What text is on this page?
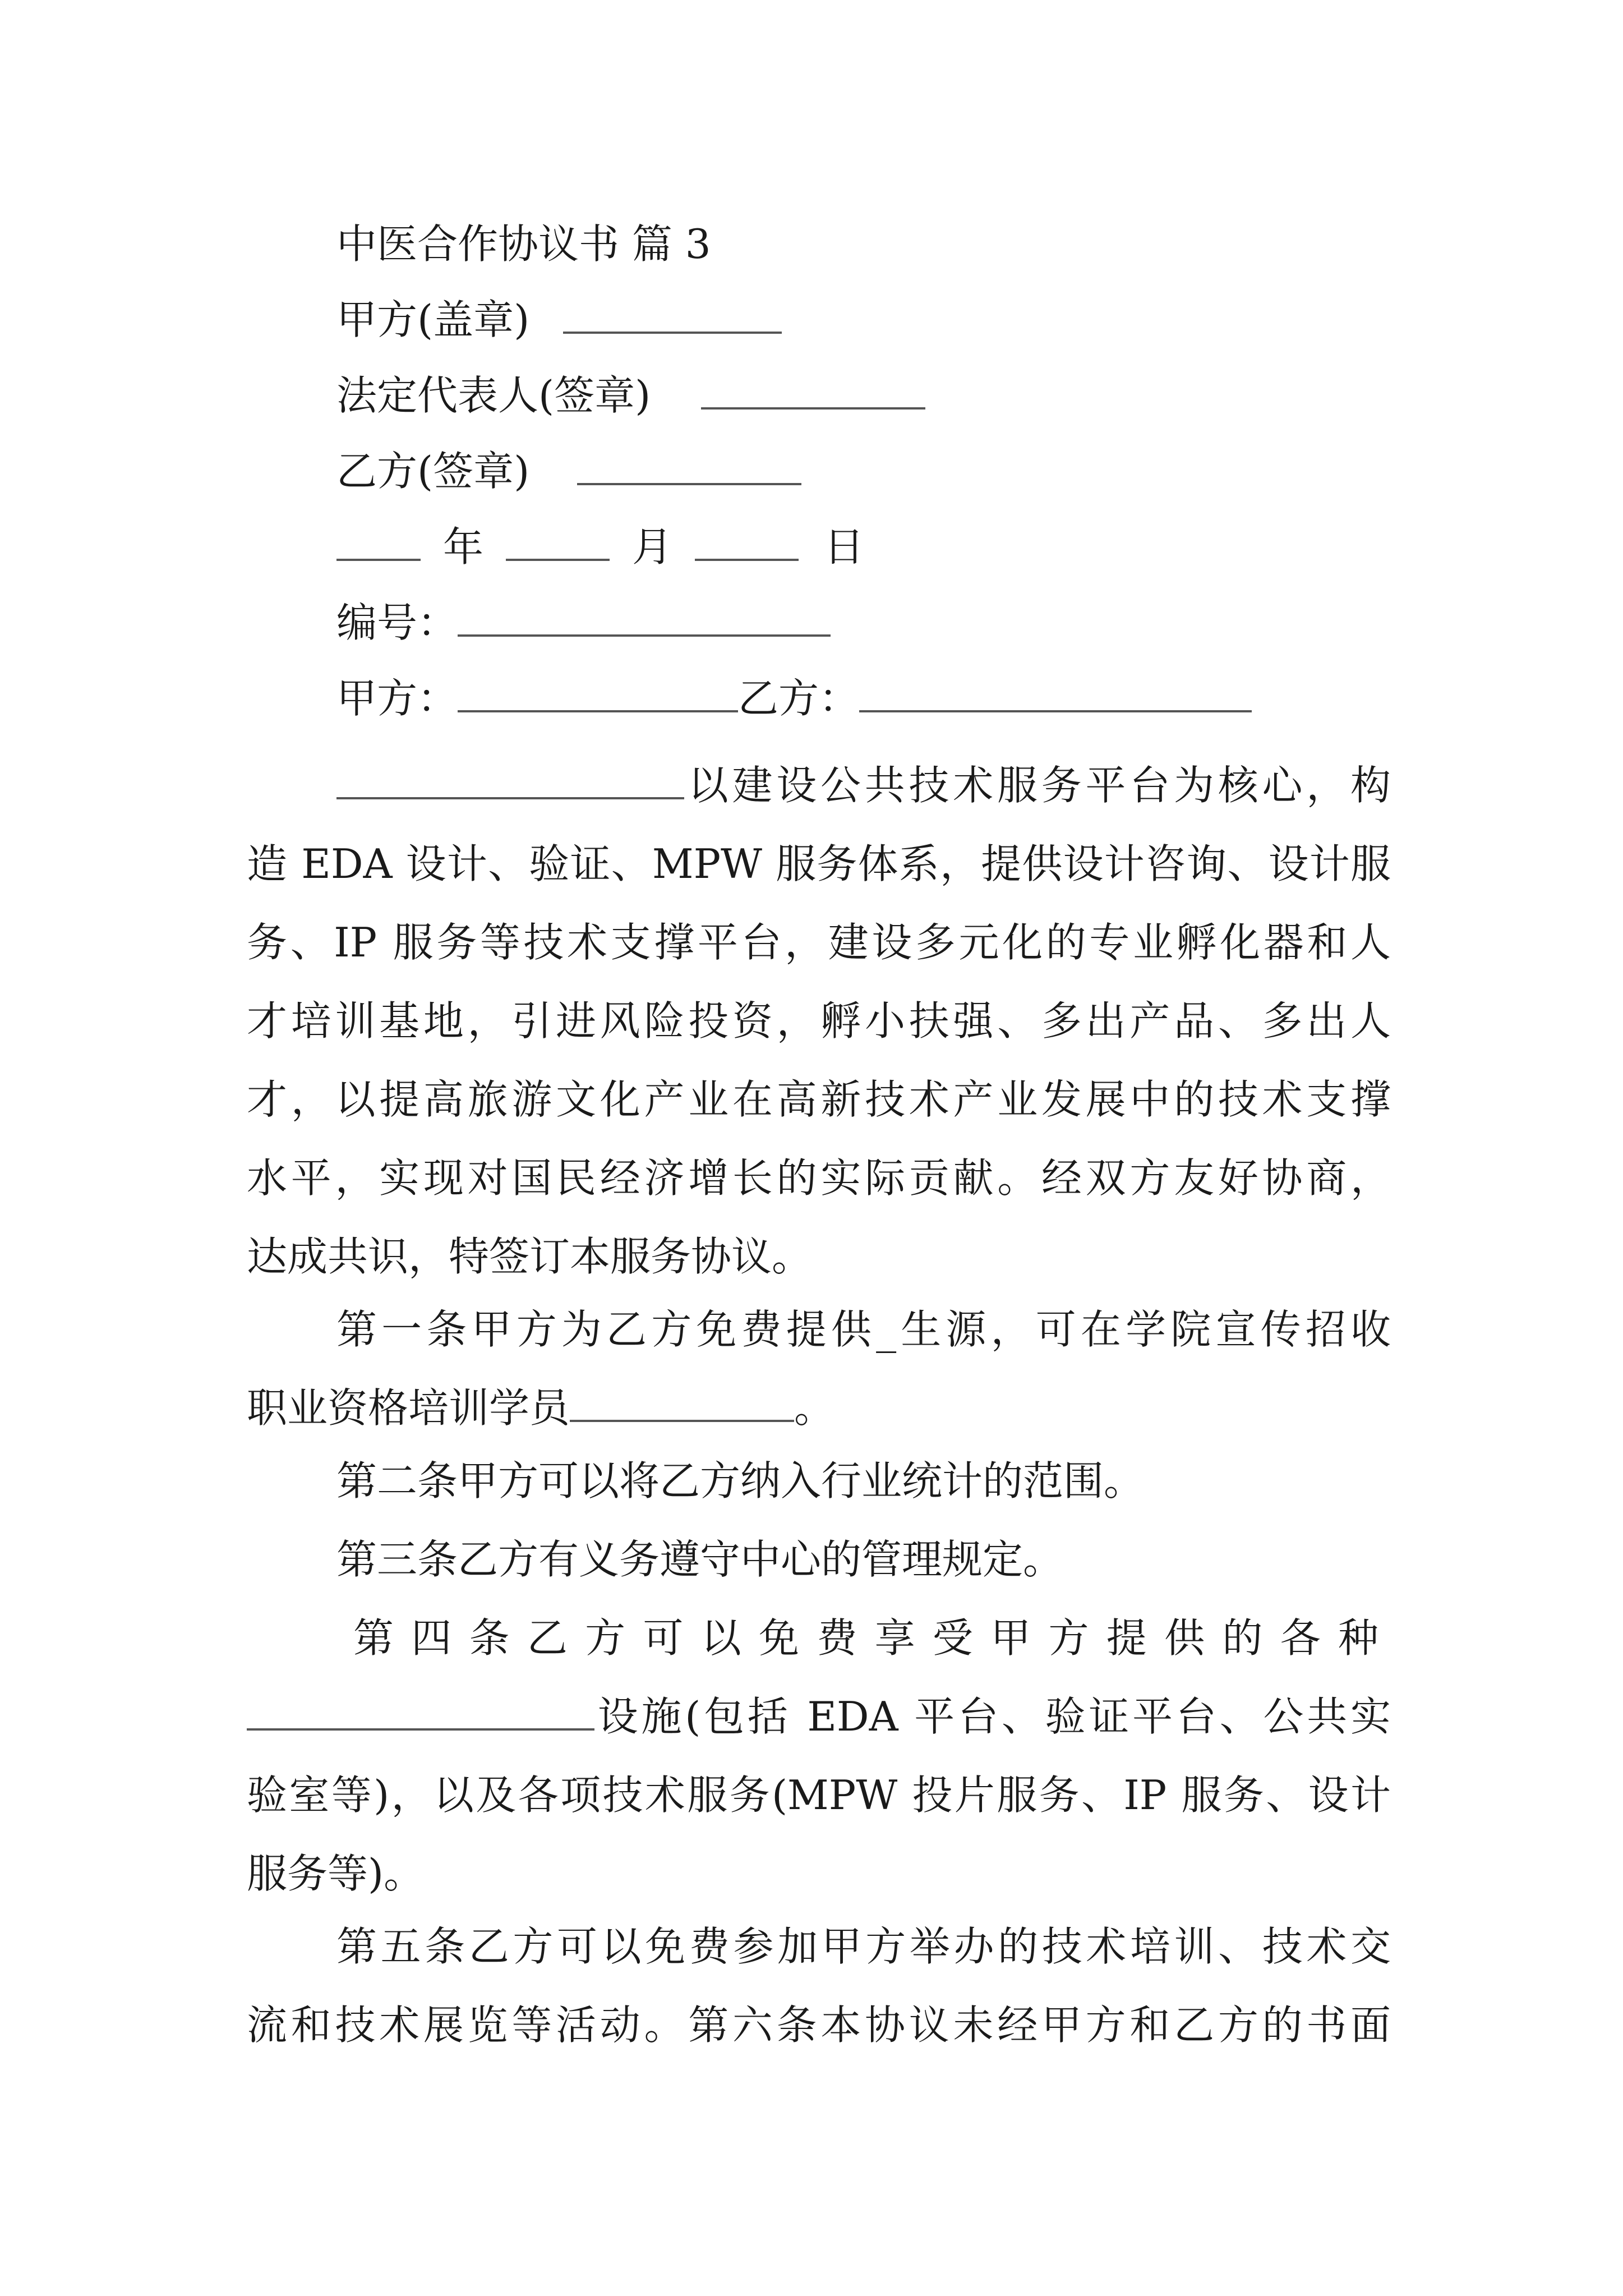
中医合作协议书 篇 3
甲方(盖章)
法定代表人(签章)
乙方(签章)
年	月	日
编号：
甲方：	乙方：
以建设公共技术服务平台为核心，构
造 EDA 设计、验证、MPW 服务体系，提供设计咨询、设计服
务、IP 服务等技术支撑平台，建设多元化的专业孵化器和人
才培训基地，引进风险投资，孵小扶强、多出产品、多出人
才，以提高旅游文化产业在高新技术产业发展中的技术支撑
水平，实现对国民经济增长的实际贡献。经双方友好协商，
达成共识，特签订本服务协议。
第一条甲方为乙方免费提供_生源，可在学院宣传招收
职业资格培训学员	。
第二条甲方可以将乙方纳入行业统计的范围。
第三条乙方有义务遵守中心的管理规定。
第四条乙方可以免费享受甲方提供的各种
设施(包括 EDA 平台、验证平台、公共实
验室等)，以及各项技术服务(MPW 投片服务、IP 服务、设计
服务等)。
第五条乙方可以免费参加甲方举办的技术培训、技术交
流和技术展览等活动。第六条本协议未经甲方和乙方的书面
